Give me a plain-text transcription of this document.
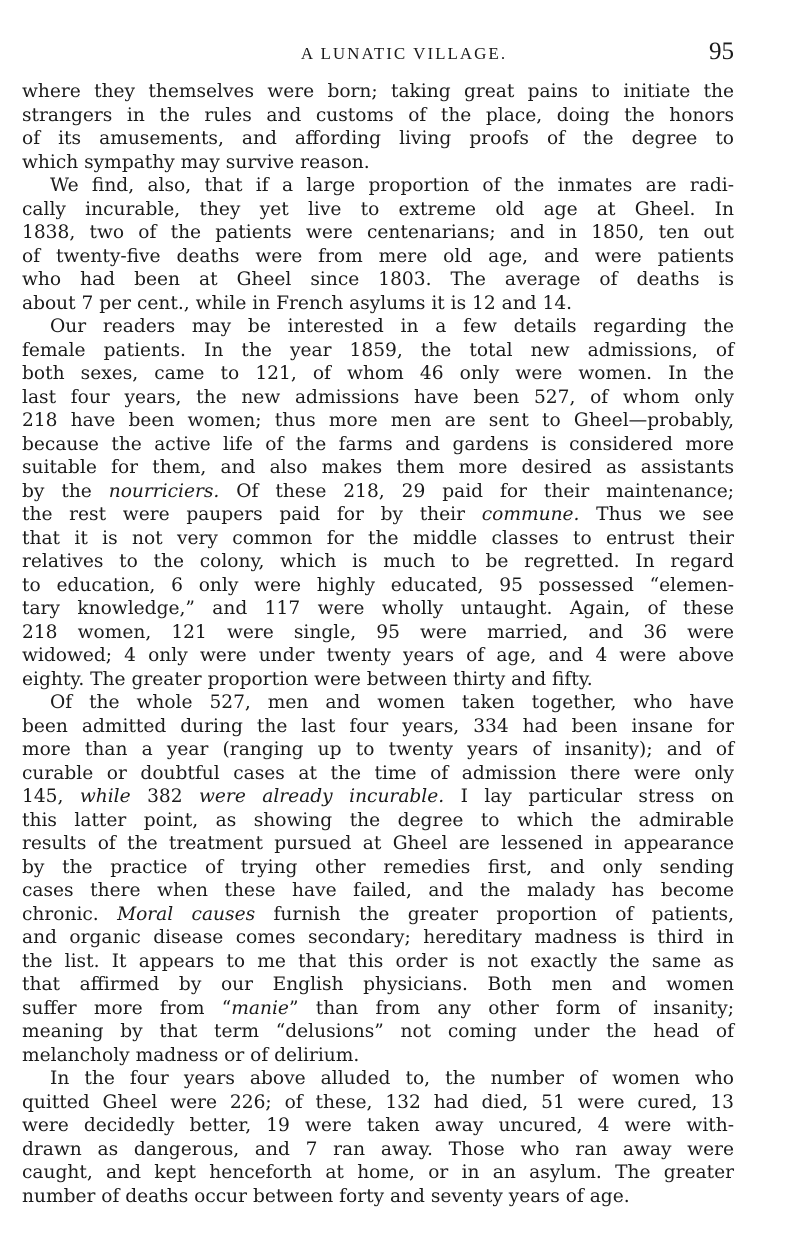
A LUNATIC VILLAGE.	95
where they themselves were born; taking great pains to initiate the
strangers in the rules and customs of the place, doing the honors
of its amusements, and affording living proofs of the degree to
which sympathy may survive reason.
We find, also, that if a large proportion of the inmates are radi-
cally incurable, they yet live to extreme old age at Gheel. In
1838, two of the patients were centenarians; and in 1850, ten out
of twenty-five deaths were from mere old age, and were patients
who had been at Gheel since 1803. The average of deaths is
about 7 per cent., while in French asylums it is 12 and 14.
Our readers may be interested in a few details regarding the
female patients. In the year 1859, the total new admissions, of
both sexes, came to 121, of whom 46 only were women. In the
last four years, the new admissions have been 527, of whom only
218 have been women; thus more men are sent to Gheel—probably,
because the active life of the farms and gardens is considered more
suitable for them, and also makes them more desired as assistants
by the nourriciers. Of these 218, 29 paid for their maintenance;
the rest were paupers paid for by their commune. Thus we see
that it is not very common for the middle classes to entrust their
relatives to the colony, which is much to be regretted. In regard
to education, 6 only were highly educated, 95 possessed “elemen-
tary knowledge,” and 117 were wholly untaught. Again, of these
218 women, 121 were single, 95 were married, and 36 were
widowed; 4 only were under twenty years of age, and 4 were above
eighty. The greater proportion were between thirty and fifty.
Of the whole 527, men and women taken together, who have
been admitted during the last four years, 334 had been insane for
more than a year (ranging up to twenty years of insanity); and of
curable or doubtful cases at the time of admission there were only
145, while 382 were already incurable. I lay particular stress on
this latter point, as showing the degree to which the admirable
results of the treatment pursued at Gheel are lessened in appearance
by the practice of trying other remedies first, and only sending
cases there when these have failed, and the malady has become
chronic. Moral causes furnish the greater proportion of patients,
and organic disease comes secondary; hereditary madness is third in
the list. It appears to me that this order is not exactly the same as
that affirmed by our English physicians. Both men and women
suffer more from “manie” than from any other form of insanity;
meaning by that term “delusions” not coming under the head of
melancholy madness or of delirium.
In the four years above alluded to, the number of women who
quitted Gheel were 226; of these, 132 had died, 51 were cured, 13
were decidedly better, 19 were taken away uncured, 4 were with-
drawn as dangerous, and 7 ran away. Those who ran away were
caught, and kept henceforth at home, or in an asylum. The greater
number of deaths occur between forty and seventy years of age.
